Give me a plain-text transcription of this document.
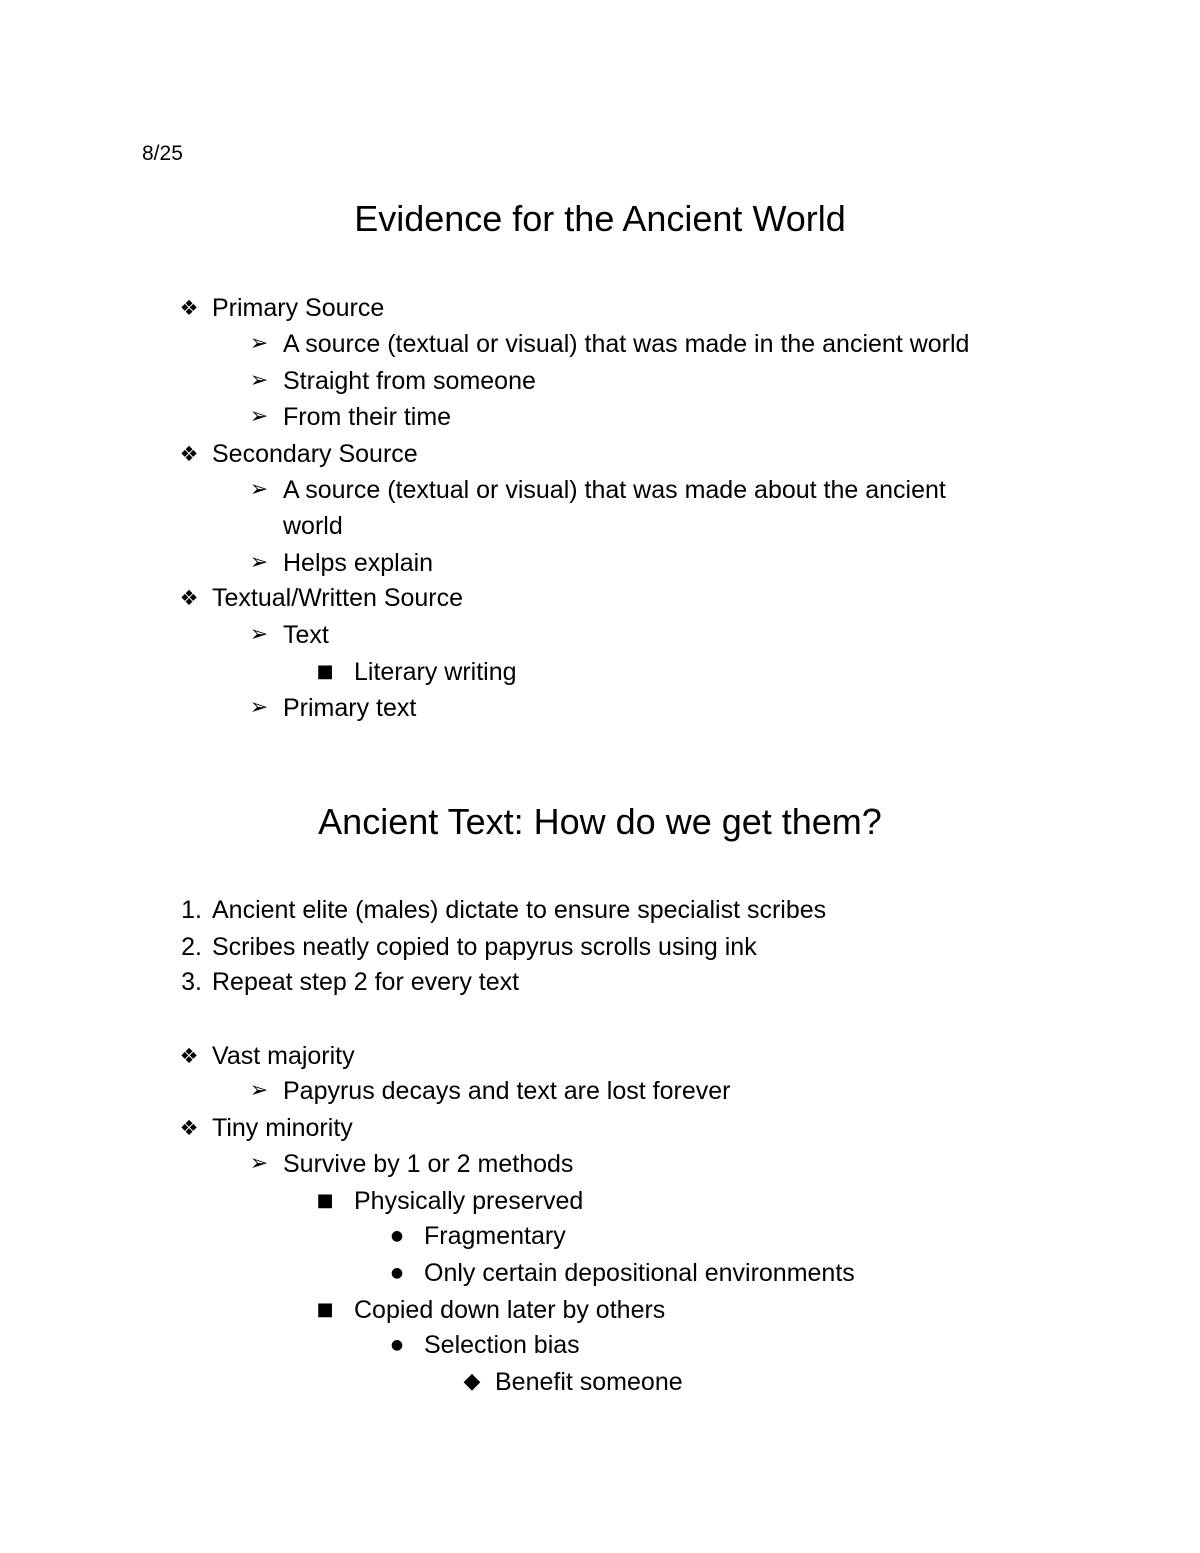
8/25
Evidence for the Ancient World
❖ Primary Source
➢ A source (textual or visual) that was made in the ancient world
➢ Straight from someone
➢ From their time
❖ Secondary Source
➢ A source (textual or visual) that was made about the ancient
world
➢ Helps explain
❖ Textual/Written Source
➢ Text
■ Literary writing
➢ Primary text
Ancient Text: How do we get them?
1. Ancient elite (males) dictate to ensure specialist scribes
2. Scribes neatly copied to papyrus scrolls using ink
3. Repeat step 2 for every text
❖ Vast majority
➢ Papyrus decays and text are lost forever
❖ Tiny minority
➢ Survive by 1 or 2 methods
■ Physically preserved
● Fragmentary
● Only certain depositional environments
■ Copied down later by others
● Selection bias
◆ Benefit someone
